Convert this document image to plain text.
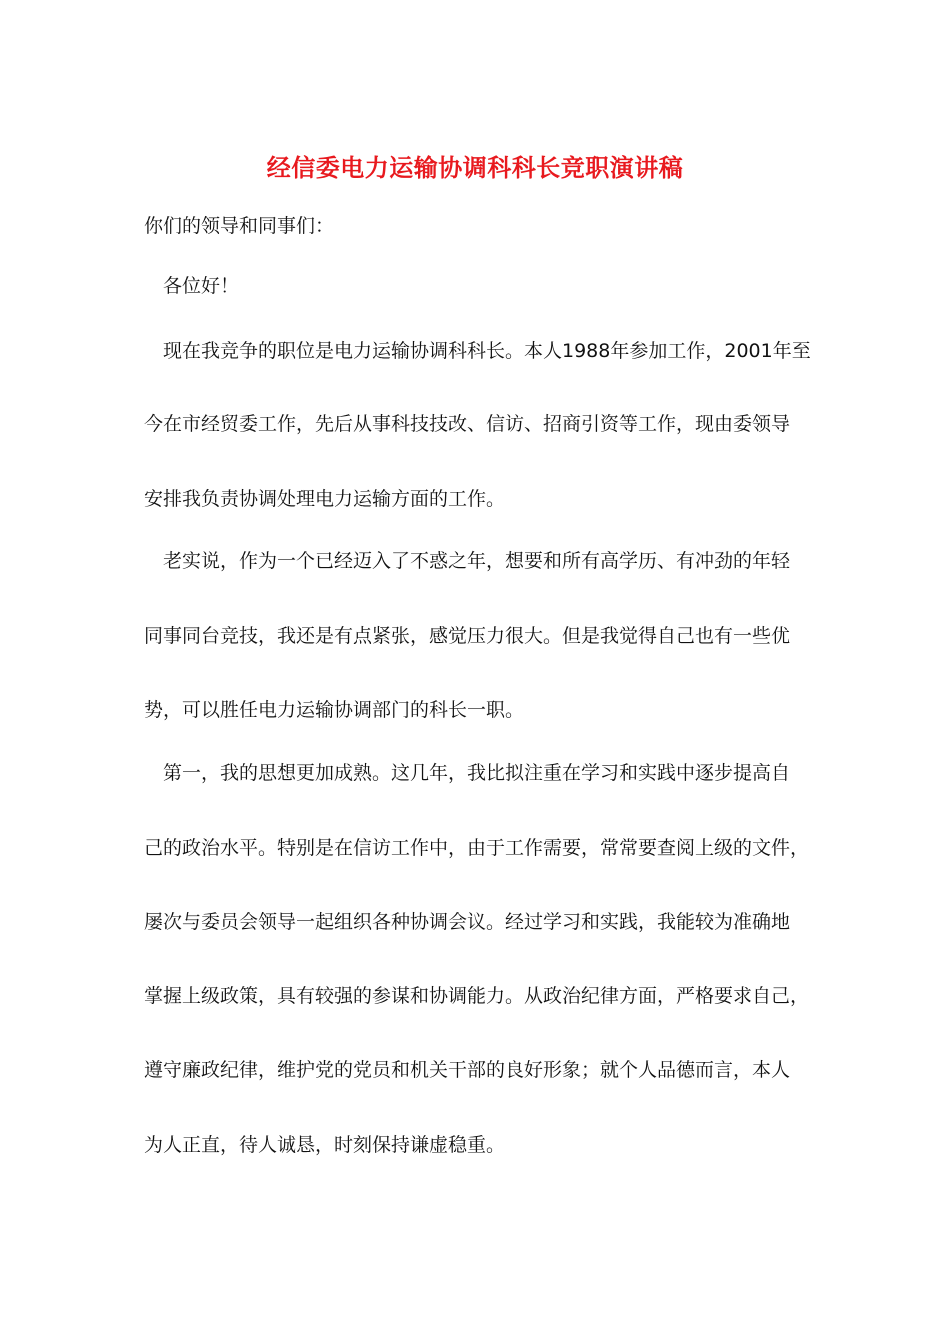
经信委电力运输协调科科长竞职演讲稿
你们的领导和同事们：
各位好！
现在我竞争的职位是电力运输协调科科长。本人1988年参加工作，2001年至
今在市经贸委工作，先后从事科技技改、信访、招商引资等工作，现由委领导
安排我负责协调处理电力运输方面的工作。
老实说，作为一个已经迈入了不惑之年，想要和所有高学历、有冲劲的年轻
同事同台竞技，我还是有点紧张，感觉压力很大。但是我觉得自己也有一些优
势，可以胜任电力运输协调部门的科长一职。
第一，我的思想更加成熟。这几年，我比拟注重在学习和实践中逐步提高自
己的政治水平。特别是在信访工作中，由于工作需要，常常要查阅上级的文件，
屡次与委员会领导一起组织各种协调会议。经过学习和实践，我能较为准确地
掌握上级政策，具有较强的参谋和协调能力。从政治纪律方面，严格要求自己，
遵守廉政纪律，维护党的党员和机关干部的良好形象；就个人品德而言，本人
为人正直，待人诚恳，时刻保持谦虚稳重。
